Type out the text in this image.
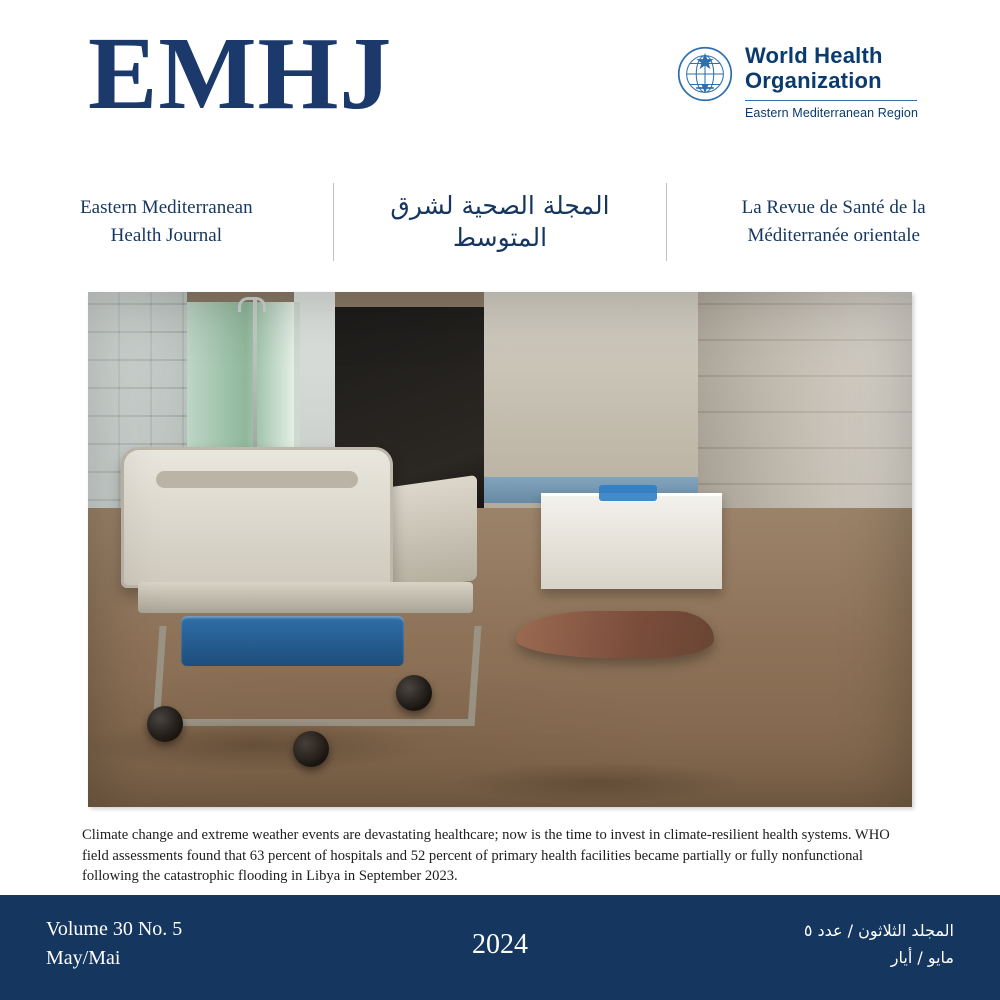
EMHJ	World Health
Organization
Eastern Mediterranean Region
Eastern Mediterranean
Health Journal
المجلة الصحية لشرق المتوسط
La Revue de Santé de la
Méditerranée orientale
Climate change and extreme weather events are devastating healthcare; now is the time to invest in climate-resilient health systems. WHO field assessments found that 63 percent of hospitals and 52 percent of primary health facilities became partially or fully nonfunctional following the catastrophic flooding in Libya in September 2023.
Volume 30 No. 5
May/Mai	2024	المجلد الثلاثون / عدد ٥
مايو / أيار
